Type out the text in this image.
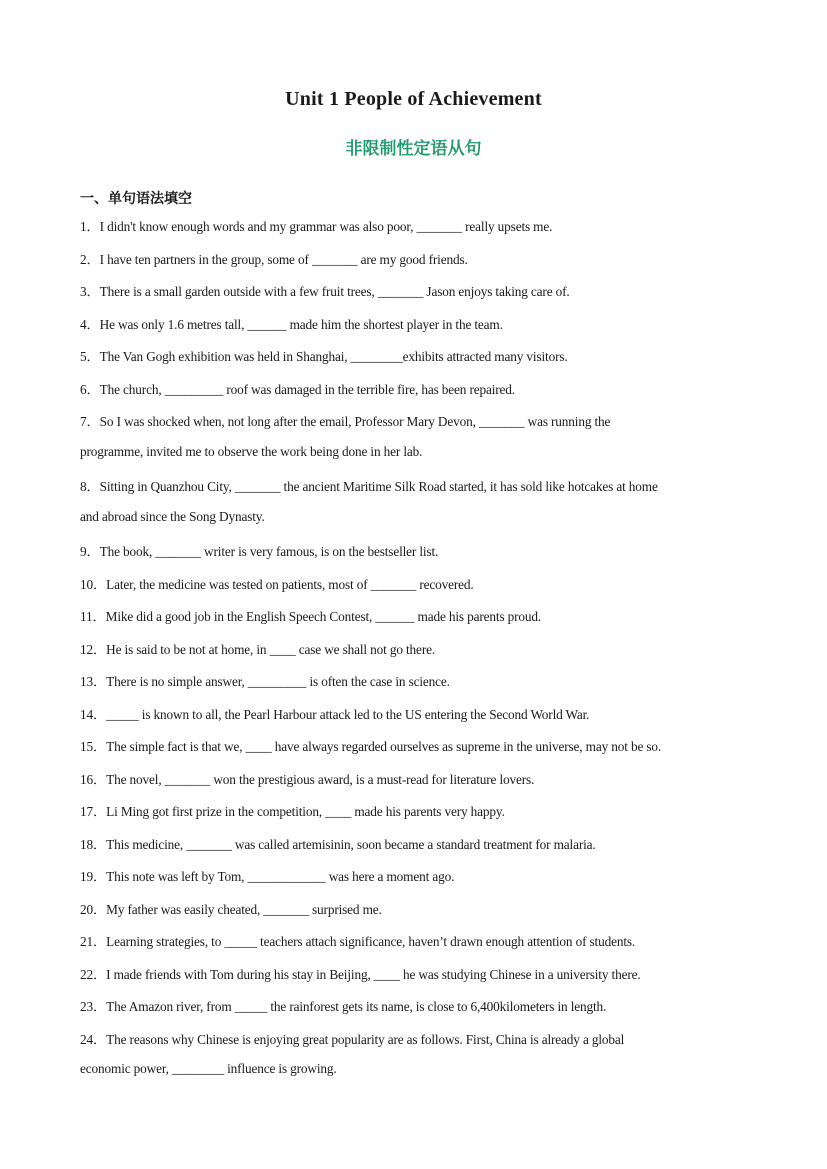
Unit 1 People of Achievement
非限制性定语从句
一、单句语法填空
1．I didn't know enough words and my grammar was also poor, _______ really upsets me.
2．I have ten partners in the group, some of _______ are my good friends.
3．There is a small garden outside with a few fruit trees, _______ Jason enjoys taking care of.
4．He was only 1.6 metres tall, ______ made him the shortest player in the team.
5．The Van Gogh exhibition was held in Shanghai, ________exhibits attracted many visitors.
6．The church, _________ roof was damaged in the terrible fire, has been repaired.
7．So I was shocked when, not long after the email, Professor Mary Devon, _______ was running the
programme, invited me to observe the work being done in her lab.
8．Sitting in Quanzhou City, _______ the ancient Maritime Silk Road started, it has sold like hotcakes at home
and abroad since the Song Dynasty.
9．The book, _______ writer is very famous, is on the bestseller list.
10．Later, the medicine was tested on patients, most of _______ recovered.
11．Mike did a good job in the English Speech Contest, ______ made his parents proud.
12．He is said to be not at home, in ____ case we shall not go there.
13．There is no simple answer, _________ is often the case in science.
14．_____ is known to all, the Pearl Harbour attack led to the US entering the Second World War.
15．The simple fact is that we, ____ have always regarded ourselves as supreme in the universe, may not be so.
16．The novel, _______ won the prestigious award, is a must-read for literature lovers.
17．Li Ming got first prize in the competition, ____ made his parents very happy.
18．This medicine, _______ was called artemisinin, soon became a standard treatment for malaria.
19．This note was left by Tom, ____________ was here a moment ago.
20．My father was easily cheated, _______ surprised me.
21．Learning strategies, to _____ teachers attach significance, haven’t drawn enough attention of students.
22．I made friends with Tom during his stay in Beijing, ____ he was studying Chinese in a university there.
23．The Amazon river, from _____ the rainforest gets its name, is close to 6,400kilometers in length.
24．The reasons why Chinese is enjoying great popularity are as follows. First, China is already a global
economic power, ________ influence is growing.
